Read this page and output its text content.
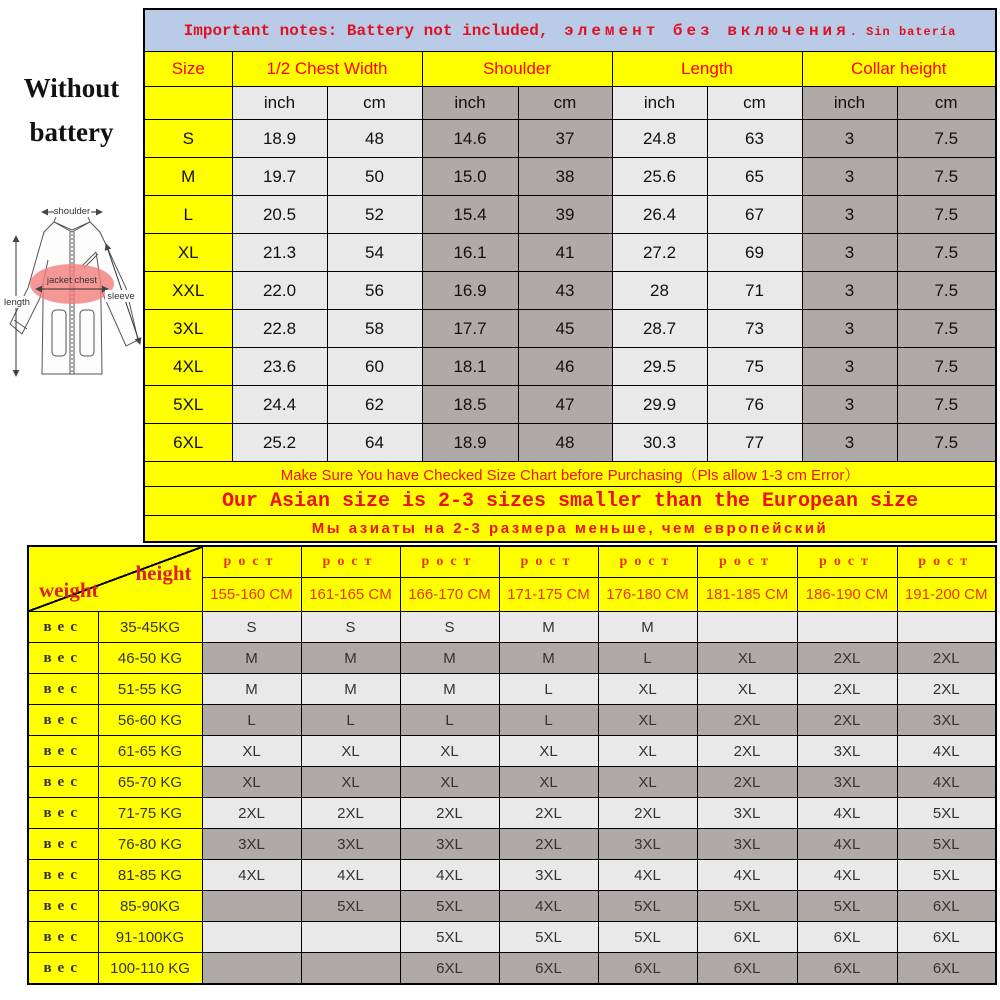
Without
battery
shoulder
length
sleeve
jacket chest
Important notes: Battery not included, элемент без включения. Sin batería								
Size	1/2 Chest Width		Shoulder		Length		Collar height	
	inch	cm	inch	cm	inch	cm	inch	cm
S	18.9	48	14.6	37	24.8	63	3	7.5
M	19.7	50	15.0	38	25.6	65	3	7.5
L	20.5	52	15.4	39	26.4	67	3	7.5
XL	21.3	54	16.1	41	27.2	69	3	7.5
XXL	22.0	56	16.9	43	28	71	3	7.5
3XL	22.8	58	17.7	45	28.7	73	3	7.5
4XL	23.6	60	18.1	46	29.5	75	3	7.5
5XL	24.4	62	18.5	47	29.9	76	3	7.5
6XL	25.2	64	18.9	48	30.3	77	3	7.5
Make Sure You have Checked Size Chart before Purchasing（Pls allow 1-3 cm Error）								
Our Asian size is 2-3 sizes smaller than the European size								
Мы азиаты на 2-3 размера меньше, чем европейский								
height
weight		рост	рост	рост	рост	рост	рост	рост	рост
		155-160 CM	161-165 CM	166-170 CM	171-175 CM	176-180 CM	181-185 CM	186-190 CM	191-200 CM
вес	35-45KG	S	S	S	M	M			
вес	46-50 KG	M	M	M	M	L	XL	2XL	2XL
вес	51-55 KG	M	M	M	L	XL	XL	2XL	2XL
вес	56-60 KG	L	L	L	L	XL	2XL	2XL	3XL
вес	61-65 KG	XL	XL	XL	XL	XL	2XL	3XL	4XL
вес	65-70 KG	XL	XL	XL	XL	XL	2XL	3XL	4XL
вес	71-75 KG	2XL	2XL	2XL	2XL	2XL	3XL	4XL	5XL
вес	76-80 KG	3XL	3XL	3XL	2XL	3XL	3XL	4XL	5XL
вес	81-85 KG	4XL	4XL	4XL	3XL	4XL	4XL	4XL	5XL
вес	85-90KG		5XL	5XL	4XL	5XL	5XL	5XL	6XL
вес	91-100KG			5XL	5XL	5XL	6XL	6XL	6XL
вес	100-110 KG			6XL	6XL	6XL	6XL	6XL	6XL
